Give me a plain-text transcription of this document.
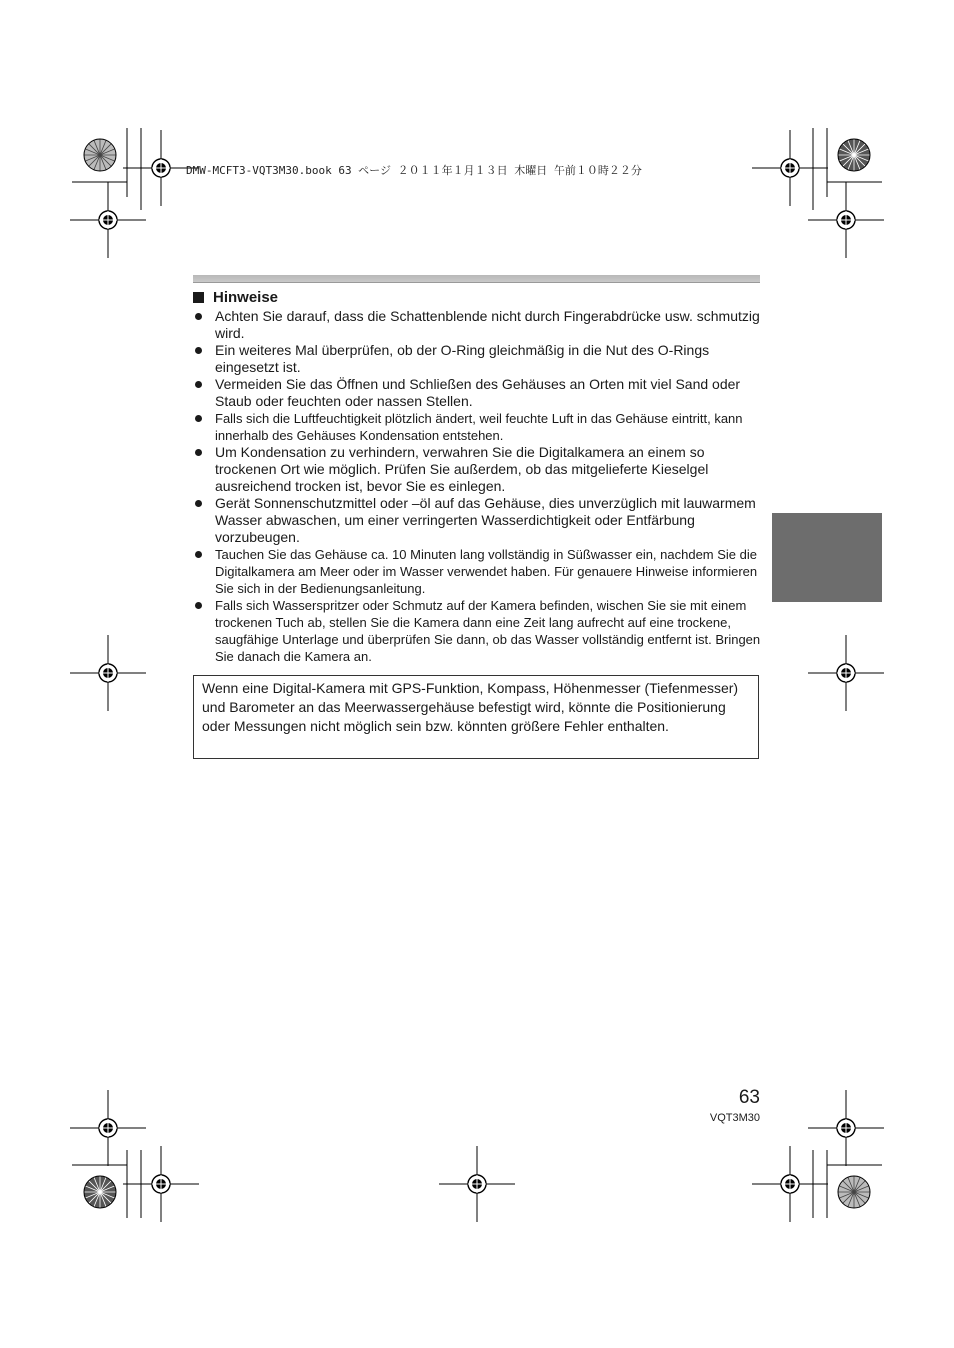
DMW-MCFT3-VQT3M30.book 63 ページ ２０１１年１月１３日 木曜日 午前１０時２２分
Hinweise
Achten Sie darauf, dass die Schattenblende nicht durch Fingerabdrücke usw. schmutzig wird.
Ein weiteres Mal überprüfen, ob der O-Ring gleichmäßig in die Nut des O-Rings eingesetzt ist.
Vermeiden Sie das Öffnen und Schließen des Gehäuses an Orten mit viel Sand oder Staub oder feuchten oder nassen Stellen.
Falls sich die Luftfeuchtigkeit plötzlich ändert, weil feuchte Luft in das Gehäuse eintritt, kann innerhalb des Gehäuses Kondensation entstehen.
Um Kondensation zu verhindern, verwahren Sie die Digitalkamera an einem so trockenen Ort wie möglich. Prüfen Sie außerdem, ob das mitgelieferte Kieselgel ausreichend trocken ist, bevor Sie es einlegen.
Gerät Sonnenschutzmittel oder –öl auf das Gehäuse, dies unverzüglich mit lauwarmem Wasser abwaschen, um einer verringerten Wasserdichtigkeit oder Entfärbung vorzubeugen.
Tauchen Sie das Gehäuse ca. 10 Minuten lang vollständig in Süßwasser ein, nachdem Sie die Digitalkamera am Meer oder im Wasser verwendet haben. Für genauere Hinweise informieren Sie sich in der Bedienungsanleitung.
Falls sich Wasserspritzer oder Schmutz auf der Kamera befinden, wischen Sie sie mit einem trockenen Tuch ab, stellen Sie die Kamera dann eine Zeit lang aufrecht auf eine trockene, saugfähige Unterlage und überprüfen Sie dann, ob das Wasser vollständig entfernt ist. Bringen Sie danach die Kamera an.
Wenn eine Digital-Kamera mit GPS-Funktion, Kompass, Höhenmesser (Tiefenmesser) und Barometer an das Meerwassergehäuse befestigt wird, könnte die Positionierung oder Messungen nicht möglich sein bzw. könnten größere Fehler enthalten.
63
VQT3M30
